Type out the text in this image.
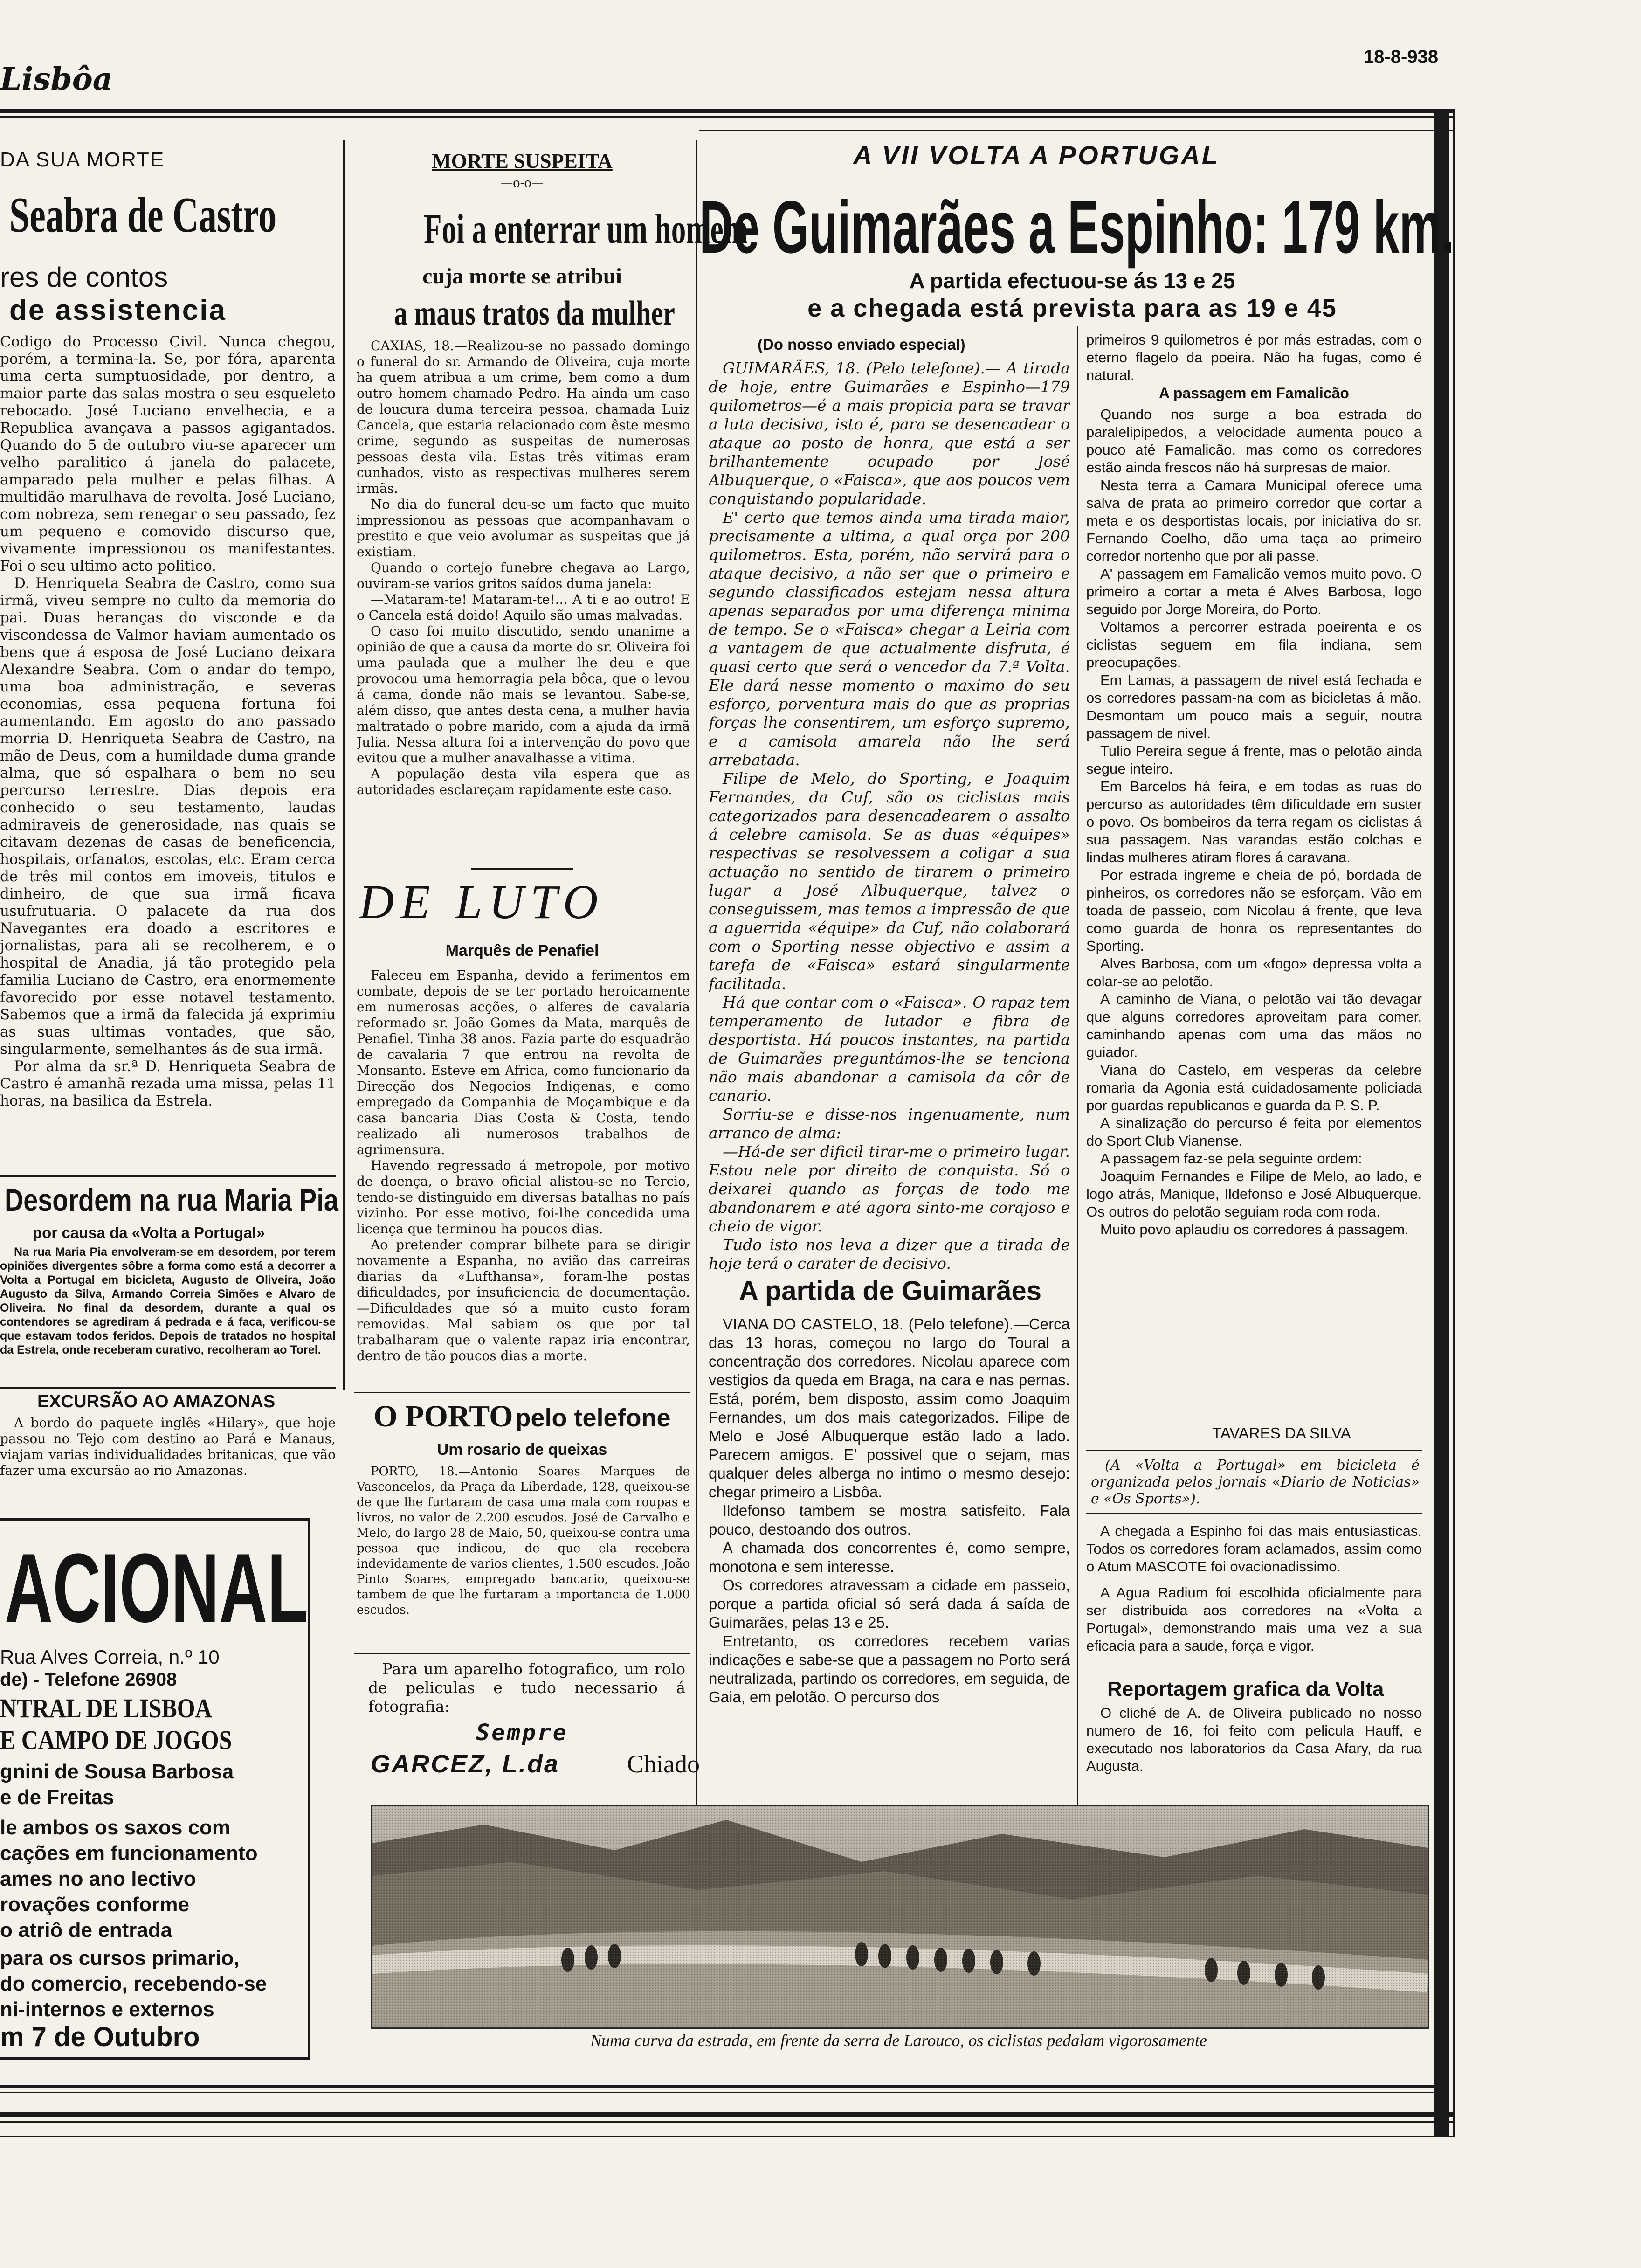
Lisbôa
18-8-938
DA SUA MORTE
Seabra de Castro
res de contos
de assistencia

Codigo do Processo Civil. Nunca chegou, porém, a termina-la. Se, por fóra, aparenta uma certa sumptuosidade, por dentro, a maior parte das salas mostra o seu esqueleto rebocado. José Luciano envelhecia, e a Republica avançava a passos agigantados. Quando do 5 de outubro viu-se aparecer um velho paralitico á janela do palacete, amparado pela mulher e pelas filhas. A multidão marulhava de revolta. José Luciano, com nobreza, sem renegar o seu passado, fez um pequeno e comovido discurso que, vivamente impressionou os manifestantes. Foi o seu ultimo acto politico.

D. Henriqueta Seabra de Castro, como sua irmã, viveu sempre no culto da memoria do pai. Duas heranças do visconde e da viscondessa de Valmor haviam aumentado os bens que á esposa de José Luciano deixara Alexandre Seabra. Com o andar do tempo, uma boa administração, e severas economias, essa pequena fortuna foi aumentando. Em agosto do ano passado morria D. Henriqueta Seabra de Castro, na mão de Deus, com a humildade duma grande alma, que só espalhara o bem no seu percurso terrestre. Dias depois era conhecido o seu testamento, laudas admiraveis de generosidade, nas quais se citavam dezenas de casas de beneficencia, hospitais, orfanatos, escolas, etc. Eram cerca de três mil contos em imoveis, titulos e dinheiro, de que sua irmã ficava usufrutuaria. O palacete da rua dos Navegantes era doado a escritores e jornalistas, para ali se recolherem, e o hospital de Anadia, já tão protegido pela familia Luciano de Castro, era enormemente favorecido por esse notavel testamento. Sabemos que a irmã da falecida já exprimiu as suas ultimas vontades, que são, singularmente, semelhantes ás de sua irmã.

Por alma da sr.ª D. Henriqueta Seabra de Castro é amanhã rezada uma missa, pelas 11 horas, na basilica da Estrela.

Desordem na rua Maria Pia
por causa da «Volta a Portugal»

Na rua Maria Pia envolveram-se em desordem, por terem opiniões divergentes sôbre a forma como está a decorrer a Volta a Portugal em bicicleta, Augusto de Oliveira, João Augusto da Silva, Armando Correia Simões e Alvaro de Oliveira. No final da desordem, durante a qual os contendores se agrediram á pedrada e á faca, verificou-se que estavam todos feridos. Depois de tratados no hospital da Estrela, onde receberam curativo, recolheram ao Torel.

EXCURSÃO AO AMAZONAS

A bordo do paquete inglês «Hilary», que hoje passou no Tejo com destino ao Pará e Manaus, viajam varias individualidades britanicas, que vão fazer uma excursão ao rio Amazonas.

ACIONAL
Rua Alves Correia, n.º 10
de) - Telefone 26908
NTRAL DE LISBOA
E CAMPO DE JOGOS
gnini de Sousa Barbosa
e de Freitas
le ambos os saxos com
cações em funcionamento
ames no ano lectivo
rovações conforme
o atriô de entrada
para os cursos primario,
do comercio, recebendo-se
ni-internos e externos
m 7 de Outubro
MORTE SUSPEITA
—o-o—
Foi a enterrar um homem
cuja morte se atribui
a maus tratos da mulher

CAXIAS, 18.—Realizou-se no passado domingo o funeral do sr. Armando de Oliveira, cuja morte ha quem atribua a um crime, bem como a dum outro homem chamado Pedro. Ha ainda um caso de loucura duma terceira pessoa, chamada Luiz Cancela, que estaria relacionado com êste mesmo crime, segundo as suspeitas de numerosas pessoas desta vila. Estas três vitimas eram cunhados, visto as respectivas mulheres serem irmãs.

No dia do funeral deu-se um facto que muito impressionou as pessoas que acompanhavam o prestito e que veio avolumar as suspeitas que já existiam.

Quando o cortejo funebre chegava ao Largo, ouviram-se varios gritos saídos duma janela:

—Mataram-te! Mataram-te!... A ti e ao outro! E o Cancela está doido! Aquilo são umas malvadas.

O caso foi muito discutido, sendo unanime a opinião de que a causa da morte do sr. Oliveira foi uma paulada que a mulher lhe deu e que provocou uma hemorragia pela bôca, que o levou á cama, donde não mais se levantou. Sabe-se, além disso, que antes desta cena, a mulher havia maltratado o pobre marido, com a ajuda da irmã Julia. Nessa altura foi a intervenção do povo que evitou que a mulher anavalhasse a vitima.

A população desta vila espera que as autoridades esclareçam rapidamente este caso.

DE LUTO
Marquês de Penafiel

Faleceu em Espanha, devido a ferimentos em combate, depois de se ter portado heroicamente em numerosas acções, o alferes de cavalaria reformado sr. João Gomes da Mata, marquês de Penafiel. Tinha 38 anos. Fazia parte do esquadrão de cavalaria 7 que entrou na revolta de Monsanto. Esteve em Africa, como funcionario da Direcção dos Negocios Indigenas, e como empregado da Companhia de Moçambique e da casa bancaria Dias Costa & Costa, tendo realizado ali numerosos trabalhos de agrimensura.

Havendo regressado á metropole, por motivo de doença, o bravo oficial alistou-se no Tercio, tendo-se distinguido em diversas batalhas no país vizinho. Por esse motivo, foi-lhe concedida uma licença que terminou ha poucos dias.

Ao pretender comprar bilhete para se dirigir novamente a Espanha, no avião das carreiras diarias da «Lufthansa», foram-lhe postas dificuldades, por insuficiencia de documentação.—Dificuldades que só a muito custo foram removidas. Mal sabiam os que por tal trabalharam que o valente rapaz iria encontrar, dentro de tão poucos dias a morte.

O PORTO pelo telefone
Um rosario de queixas

PORTO, 18.—Antonio Soares Marques de Vasconcelos, da Praça da Liberdade, 128, queixou-se de que lhe furtaram de casa uma mala com roupas e livros, no valor de 2.200 escudos. José de Carvalho e Melo, do largo 28 de Maio, 50, queixou-se contra uma pessoa que indicou, de que ela recebera indevidamente de varios clientes, 1.500 escudos. João Pinto Soares, empregado bancario, queixou-se tambem de que lhe furtaram a importancia de 1.000 escudos.

Para um aparelho fotografico, um rolo de peliculas e tudo necessario á fotografia:

Sempre
GARCEZ, L.da	Chiado
A VII VOLTA A PORTUGAL
De Guimarães a Espinho: 179 km.
A partida efectuou-se ás 13 e 25
e a chegada está prevista para as 19 e 45
(Do nosso enviado especial)

GUIMARÃES, 18. (Pelo telefone).— A tirada de hoje, entre Guimarães e Espinho—179 quilometros—é a mais propicia para se travar a luta decisiva, isto é, para se desencadear o ataque ao posto de honra, que está a ser brilhantemente ocupado por José Albuquerque, o «Faisca», que aos poucos vem conquistando popularidade.

E' certo que temos ainda uma tirada maior, precisamente a ultima, a qual orça por 200 quilometros. Esta, porém, não servirá para o ataque decisivo, a não ser que o primeiro e segundo classificados estejam nessa altura apenas separados por uma diferença minima de tempo. Se o «Faisca» chegar a Leiria com a vantagem de que actualmente disfruta, é quasi certo que será o vencedor da 7.ª Volta. Ele dará nesse momento o maximo do seu esforço, porventura mais do que as proprias forças lhe consentirem, um esforço supremo, e a camisola amarela não lhe será arrebatada.

Filipe de Melo, do Sporting, e Joaquim Fernandes, da Cuf, são os ciclistas mais categorizados para desencadearem o assalto á celebre camisola. Se as duas «équipes» respectivas se resolvessem a coligar a sua actuação no sentido de tirarem o primeiro lugar a José Albuquerque, talvez o conseguissem, mas temos a impressão de que a aguerrida «équipe» da Cuf, não colaborará com o Sporting nesse objectivo e assim a tarefa de «Faisca» estará singularmente facilitada.

Há que contar com o «Faisca». O rapaz tem temperamento de lutador e fibra de desportista. Há poucos instantes, na partida de Guimarães preguntámos-lhe se tenciona não mais abandonar a camisola da côr de canario.

Sorriu-se e disse-nos ingenuamente, num arranco de alma:

—Há-de ser dificil tirar-me o primeiro lugar. Estou nele por direito de conquista. Só o deixarei quando as forças de todo me abandonarem e até agora sinto-me corajoso e cheio de vigor.

Tudo isto nos leva a dizer que a tirada de hoje terá o carater de decisivo.

A partida de Guimarães

VIANA DO CASTELO, 18. (Pelo telefone).—Cerca das 13 horas, começou no largo do Toural a concentração dos corredores. Nicolau aparece com vestigios da queda em Braga, na cara e nas pernas. Está, porém, bem disposto, assim como Joaquim Fernandes, um dos mais categorizados. Filipe de Melo e José Albuquerque estão lado a lado. Parecem amigos. E' possivel que o sejam, mas qualquer deles alberga no intimo o mesmo desejo: chegar primeiro a Lisbôa.

Ildefonso tambem se mostra satisfeito. Fala pouco, destoando dos outros.

A chamada dos concorrentes é, como sempre, monotona e sem interesse.

Os corredores atravessam a cidade em passeio, porque a partida oficial só será dada á saída de Guimarães, pelas 13 e 25.

Entretanto, os corredores recebem varias indicações e sabe-se que a passagem no Porto será neutralizada, partindo os corredores, em seguida, de Gaia, em pelotão. O percurso dos

primeiros 9 quilometros é por más estradas, com o eterno flagelo da poeira. Não ha fugas, como é natural.

A passagem em Famalicão

Quando nos surge a boa estrada do paralelipipedos, a velocidade aumenta pouco a pouco até Famalicão, mas como os corredores estão ainda frescos não há surpresas de maior.

Nesta terra a Camara Municipal oferece uma salva de prata ao primeiro corredor que cortar a meta e os desportistas locais, por iniciativa do sr. Fernando Coelho, dão uma taça ao primeiro corredor nortenho que por ali passe.

A' passagem em Famalicão vemos muito povo. O primeiro a cortar a meta é Alves Barbosa, logo seguido por Jorge Moreira, do Porto.

Voltamos a percorrer estrada poeirenta e os ciclistas seguem em fila indiana, sem preocupações.

Em Lamas, a passagem de nivel está fechada e os corredores passam-na com as bicicletas á mão. Desmontam um pouco mais a seguir, noutra passagem de nivel.

Tulio Pereira segue á frente, mas o pelotão ainda segue inteiro.

Em Barcelos há feira, e em todas as ruas do percurso as autoridades têm dificuldade em suster o povo. Os bombeiros da terra regam os ciclistas á sua passagem. Nas varandas estão colchas e lindas mulheres atiram flores á caravana.

Por estrada ingreme e cheia de pó, bordada de pinheiros, os corredores não se esforçam. Vão em toada de passeio, com Nicolau á frente, que leva como guarda de honra os representantes do Sporting.

Alves Barbosa, com um «fogo» depressa volta a colar-se ao pelotão.

A caminho de Viana, o pelotão vai tão devagar que alguns corredores aproveitam para comer, caminhando apenas com uma das mãos no guiador.

Viana do Castelo, em vesperas da celebre romaria da Agonia está cuidadosamente policiada por guardas republicanos e guarda da P. S. P.

A sinalização do percurso é feita por elementos do Sport Club Vianense.

A passagem faz-se pela seguinte ordem:

Joaquim Fernandes e Filipe de Melo, ao lado, e logo atrás, Manique, Ildefonso e José Albuquerque. Os outros do pelotão seguiam roda com roda.

Muito povo aplaudiu os corredores á passagem.

TAVARES DA SILVA

(A «Volta a Portugal» em bicicleta é organizada pelos jornais «Diario de Noticias» e «Os Sports»).

A chegada a Espinho foi das mais entusiasticas. Todos os corredores foram aclamados, assim como o Atum MASCOTE foi ovacionadissimo.

A Agua Radium foi escolhida oficialmente para ser distribuida aos corredores na «Volta a Portugal», demonstrando mais uma vez a sua eficacia para a saude, força e vigor.

Reportagem grafica da Volta

O cliché de A. de Oliveira publicado no nosso numero de 16, foi feito com pelicula Hauff, e executado nos laboratorios da Casa Afary, da rua Augusta.

Numa curva da estrada, em frente da serra de Larouco, os ciclistas pedalam vigorosamente
